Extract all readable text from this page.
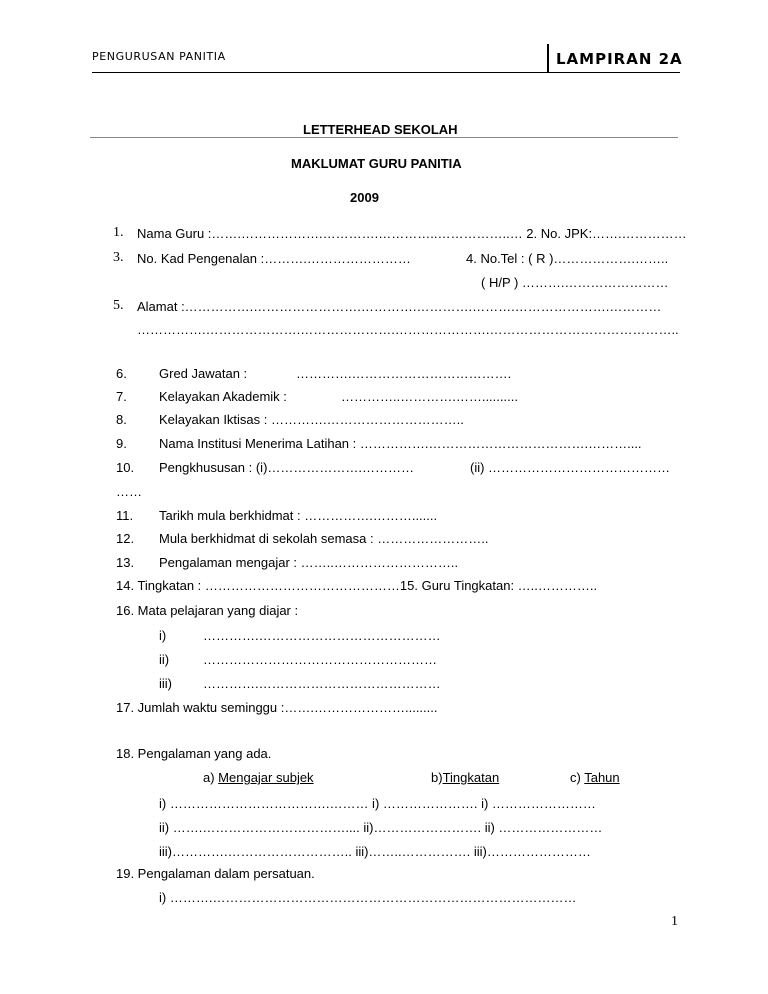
PENGURUSAN PANITIA	LAMPIRAN 2A
LETTERHEAD SEKOLAH
MAKLUMAT GURU PANITIA
2009
1. Nama Guru :…….……………….………….…………..……………..… 2. No. JPK:…….……………
3. No. Kad Pengenalan :……….……………………	4. No.Tel : ( R )……………….……..
( H/P ) ……….……………………
5. Alamat :…………….…………………….………….………….……….………………….…………
…………….………………….………………….………………….……………………………………..
6. Gred Jawatan :	………….……………………………….
7. Kelayakan Akademik :	…………..………….……..........
8. Kelayakan Iktisas : ………….…………………………..
9. Nama Institusi Menerima Latihan : …………….……………………………….………....
10. Pengkhususan : (i)………………….…………	(ii) ……………………………………
……
11. Tarikh mula berkhidmat : …………….……….......
12. Mula berkhidmat di sekolah semasa : ……………………..
13. Pengalaman mengajar : ……..………………………..
14. Tingkatan : ………………………………………15. Guru Tingkatan: …..…………..
16. Mata pelajaran yang diajar :
i)	………….……………………………………
ii)	………………………………………………
iii) ………….……………………………………
17. Jumlah waktu seminggu :…….………………….........
18. Pengalaman yang ada.
a) Mengajar subjek	b)Tingkatan	c) Tahun
i) ……………………………….……… i) …………………. i) ……………………
ii) …….…………………………….... ii)……………………. ii) ……………………
iii)………….……………………….. iii)……..……………. iii)……………………
19. Pengalaman dalam persatuan.
i) ……….…………………………………………………………………………
1
